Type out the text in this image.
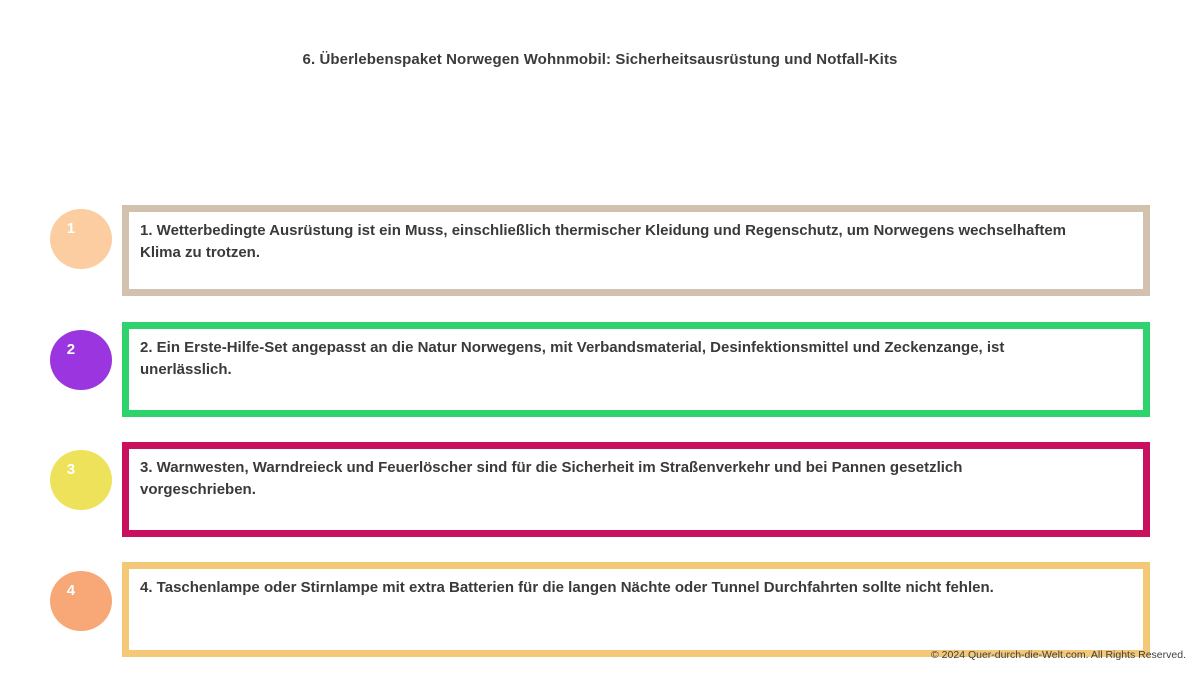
6. Überlebenspaket Norwegen Wohnmobil: Sicherheitsausrüstung und Notfall-Kits
1	1. Wetterbedingte Ausrüstung ist ein Muss, einschließlich thermischer Kleidung und Regenschutz, um Norwegens wechselhaftem Klima zu trotzen.

2	2. Ein Erste-Hilfe-Set angepasst an die Natur Norwegens, mit Verbandsmaterial, Desinfektionsmittel und Zeckenzange, ist unerlässlich.

3	3. Warnwesten, Warndreieck und Feuerlöscher sind für die Sicherheit im Straßenverkehr und bei Pannen gesetzlich vorgeschrieben.

4	4. Taschenlampe oder Stirnlampe mit extra Batterien für die langen Nächte oder Tunnel Durchfahrten sollte nicht fehlen.

© 2024 Quer-durch-die-Welt.com. All Rights Reserved.
